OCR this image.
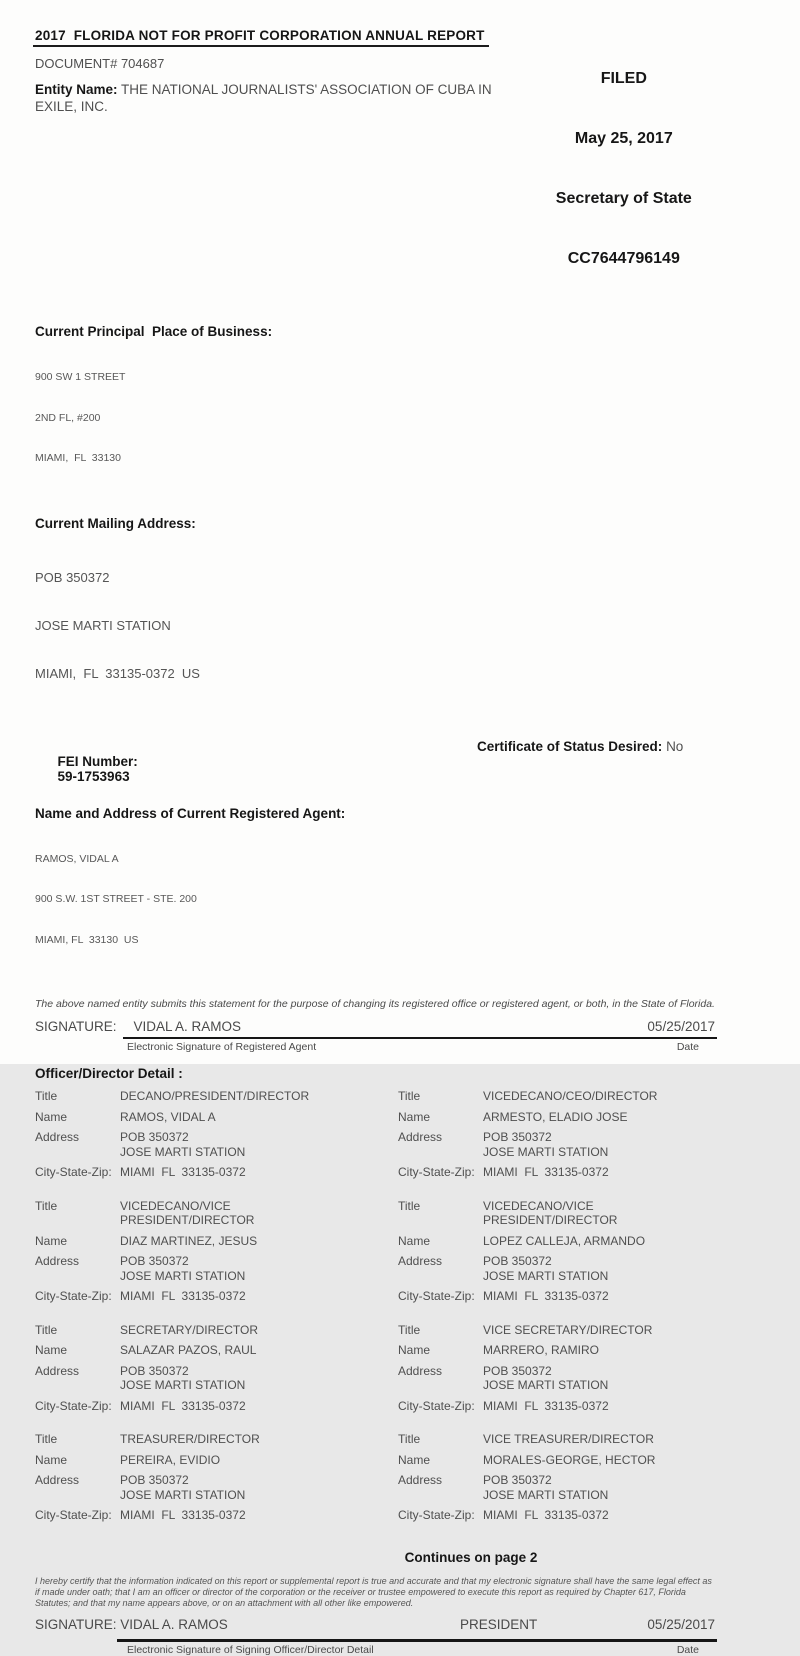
2017  FLORIDA NOT FOR PROFIT CORPORATION ANNUAL REPORT
DOCUMENT# 704687
Entity Name: THE NATIONAL JOURNALISTS' ASSOCIATION OF CUBA IN EXILE, INC.

FILED

May 25, 2017

Secretary of State

CC7644796149

Current Principal  Place of Business:

900 SW 1 STREET

2ND FL, #200

MIAMI,  FL  33130

Current Mailing Address:

POB 350372

JOSE MARTI STATION

MIAMI,  FL  33135-0372  US

FEI Number:
59-1753963

Certificate of Status Desired: No
Name and Address of Current Registered Agent:

RAMOS, VIDAL A

900 S.W. 1ST STREET - STE. 200

MIAMI, FL  33130  US

The above named entity submits this statement for the purpose of changing its registered office or registered agent, or both, in the State of Florida.
SIGNATURE: VIDAL A. RAMOS	05/25/2017
Electronic Signature of Registered Agent	Date
Officer/Director Detail :
Title	DECANO/PRESIDENT/DIRECTOR
Name	RAMOS, VIDAL A
Address	POB 350372
JOSE MARTI STATION
City-State-Zip: MIAMI  FL  33135-0372
Title	VICEDECANO/CEO/DIRECTOR
Name	ARMESTO, ELADIO JOSE
Address	POB 350372
JOSE MARTI STATION
City-State-Zip: MIAMI  FL  33135-0372
Title	VICEDECANO/VICE PRESIDENT/DIRECTOR
Name	DIAZ MARTINEZ, JESUS
Address	POB 350372
JOSE MARTI STATION
City-State-Zip: MIAMI  FL  33135-0372
Title	VICEDECANO/VICE PRESIDENT/DIRECTOR
Name	LOPEZ CALLEJA, ARMANDO
Address	POB 350372
JOSE MARTI STATION
City-State-Zip: MIAMI  FL  33135-0372
Title	SECRETARY/DIRECTOR
Name	SALAZAR PAZOS, RAUL
Address	POB 350372
JOSE MARTI STATION
City-State-Zip: MIAMI  FL  33135-0372
Title	VICE SECRETARY/DIRECTOR
Name	MARRERO, RAMIRO
Address	POB 350372
JOSE MARTI STATION
City-State-Zip: MIAMI  FL  33135-0372
Title	TREASURER/DIRECTOR
Name	PEREIRA, EVIDIO
Address	POB 350372
JOSE MARTI STATION
City-State-Zip: MIAMI  FL  33135-0372
Title	VICE TREASURER/DIRECTOR
Name	MORALES-GEORGE, HECTOR
Address	POB 350372
JOSE MARTI STATION
City-State-Zip: MIAMI  FL  33135-0372
Continues on page 2
I hereby certify that the information indicated on this report or supplemental report is true and accurate and that my electronic signature shall have the same legal effect as if made under oath; that I am an officer or director of the corporation or the receiver or trustee empowered to execute this report as required by Chapter 617, Florida Statutes; and that my name appears above, or on an attachment with all other like empowered.
SIGNATURE: VIDAL A. RAMOS	PRESIDENT	05/25/2017
Electronic Signature of Signing Officer/Director Detail	Date
